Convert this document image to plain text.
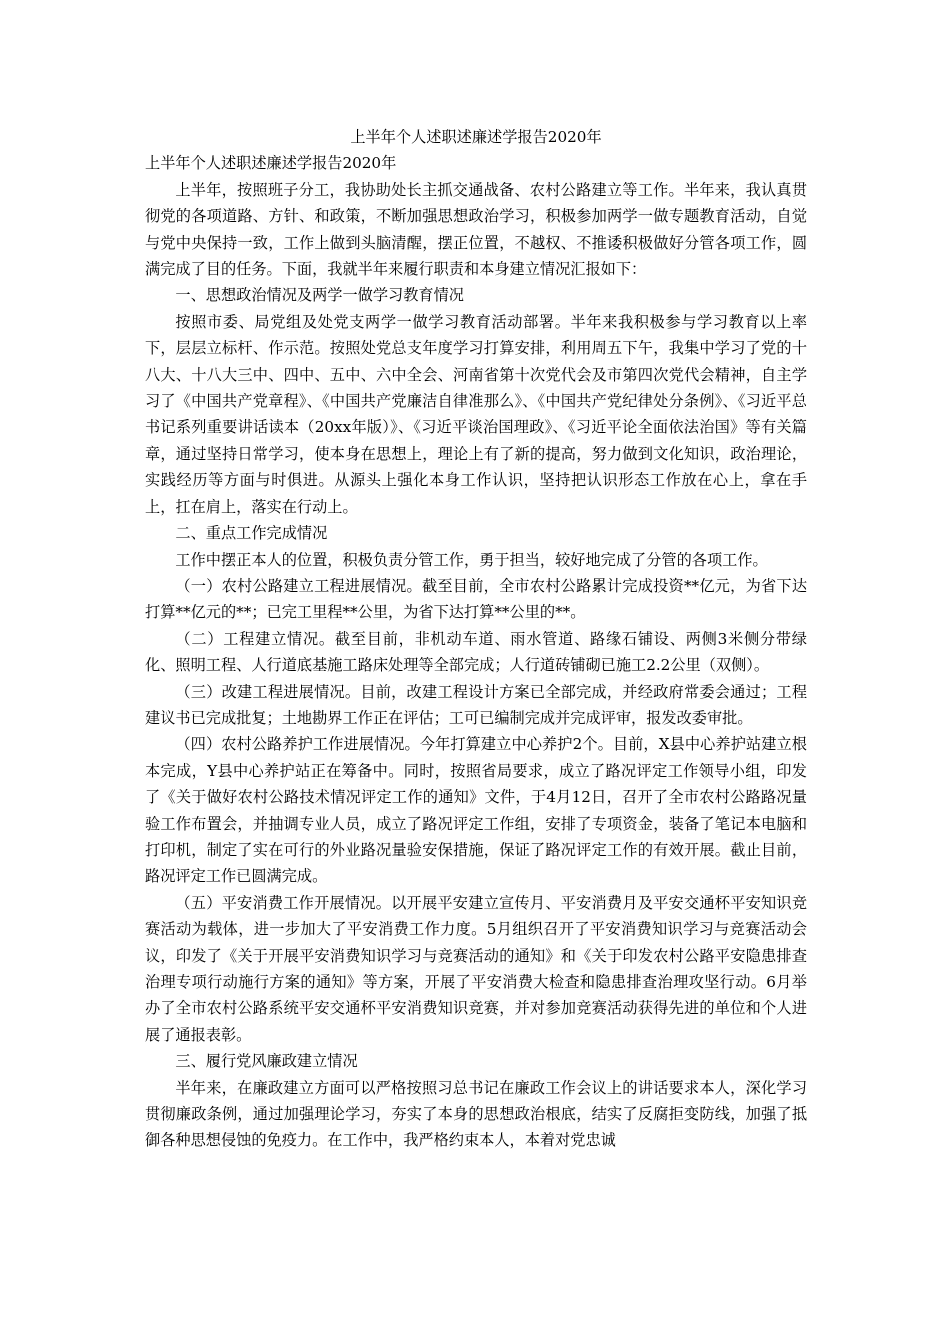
上半年个人述职述廉述学报告2020年

上半年个人述职述廉述学报告2020年

上半年，按照班子分工，我协助处长主抓交通战备、农村公路建立等工作。半年来，我认真贯彻党的各项道路、方针、和政策，不断加强思想政治学习，积极参加两学一做专题教育活动，自觉与党中央保持一致，工作上做到头脑清醒，摆正位置，不越权、不推诿积极做好分管各项工作，圆满完成了目的任务。下面，我就半年来履行职责和本身建立情况汇报如下：

一、思想政治情况及两学一做学习教育情况

按照市委、局党组及处党支两学一做学习教育活动部署。半年来我积极参与学习教育以上率下，层层立标杆、作示范。按照处党总支年度学习打算安排，利用周五下午，我集中学习了党的十八大、十八大三中、四中、五中、六中全会、河南省第十次党代会及市第四次党代会精神，自主学习了《中国共产党章程》、《中国共产党廉洁自律准那么》、《中国共产党纪律处分条例》、《习近平总书记系列重要讲话读本（20xx年版）》、《习近平谈治国理政》、《习近平论全面依法治国》等有关篇章，通过坚持日常学习，使本身在思想上，理论上有了新的提高，努力做到文化知识，政治理论，实践经历等方面与时俱进。从源头上强化本身工作认识，坚持把认识形态工作放在心上，拿在手上，扛在肩上，落实在行动上。

二、重点工作完成情况

工作中摆正本人的位置，积极负责分管工作，勇于担当，较好地完成了分管的各项工作。

（一）农村公路建立工程进展情况。截至目前，全市农村公路累计完成投资**亿元，为省下达打算**亿元的**；已完工里程**公里，为省下达打算**公里的**。

（二）工程建立情况。截至目前，非机动车道、雨水管道、路缘石铺设、两侧3米侧分带绿化、照明工程、人行道底基施工路床处理等全部完成；人行道砖铺砌已施工2.2公里（双侧）。

（三）改建工程进展情况。目前，改建工程设计方案已全部完成，并经政府常委会通过；工程建议书已完成批复；土地勘界工作正在评估；工可已编制完成并完成评审，报发改委审批。

（四）农村公路养护工作进展情况。今年打算建立中心养护2个。目前，X县中心养护站建立根本完成，Y县中心养护站正在筹备中。同时，按照省局要求，成立了路况评定工作领导小组，印发了《关于做好农村公路技术情况评定工作的通知》文件，于4月12日，召开了全市农村公路路况量验工作布置会，并抽调专业人员，成立了路况评定工作组，安排了专项资金，装备了笔记本电脑和打印机，制定了实在可行的外业路况量验安保措施，保证了路况评定工作的有效开展。截止目前，路况评定工作已圆满完成。

（五）平安消费工作开展情况。以开展平安建立宣传月、平安消费月及平安交通杯平安知识竞赛活动为载体，进一步加大了平安消费工作力度。5月组织召开了平安消费知识学习与竞赛活动会议，印发了《关于开展平安消费知识学习与竞赛活动的通知》和《关于印发农村公路平安隐患排查治理专项行动施行方案的通知》等方案，开展了平安消费大检查和隐患排查治理攻坚行动。6月举办了全市农村公路系统平安交通杯平安消费知识竞赛，并对参加竞赛活动获得先进的单位和个人进展了通报表彰。

三、履行党风廉政建立情况

半年来，在廉政建立方面可以严格按照习总书记在廉政工作会议上的讲话要求本人，深化学习贯彻廉政条例，通过加强理论学习，夯实了本身的思想政治根底，结实了反腐拒变防线，加强了抵御各种思想侵蚀的免疫力。在工作中，我严格约束本人，本着对党忠诚
